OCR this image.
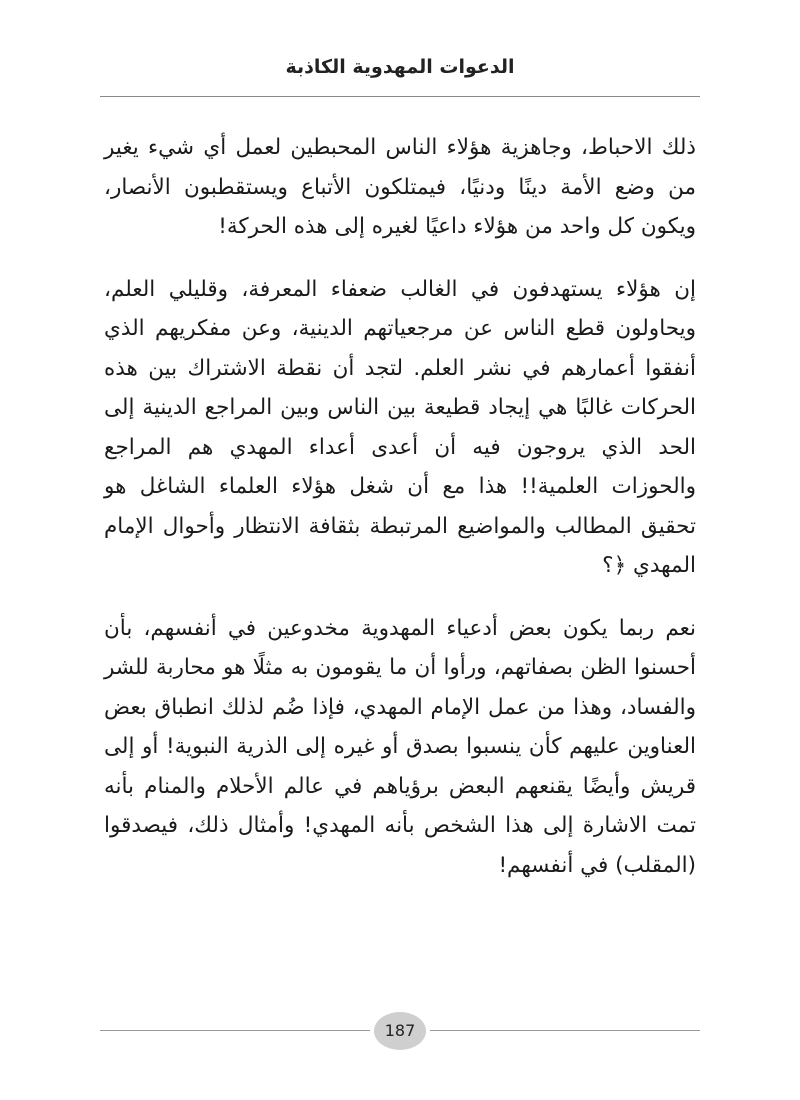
الدعوات المهدوية الكاذبة

ذلك الاحباط، وجاهزية هؤلاء الناس المحبطين لعمل أي شيء يغير من وضع الأمة دينًا ودنيًا، فيمتلكون الأتباع ويستقطبون الأنصار، ويكون كل واحد من هؤلاء داعيًا لغيره إلى هذه الحركة!

إن هؤلاء يستهدفون في الغالب ضعفاء المعرفة، وقليلي العلم، ويحاولون قطع الناس عن مرجعياتهم الدينية، وعن مفكريهم الذي أنفقوا أعمارهم في نشر العلم. لتجد أن نقطة الاشتراك بين هذه الحركات غالبًا هي إيجاد قطيعة بين الناس وبين المراجع الدينية إلى الحد الذي يروجون فيه أن أعدى أعداء المهدي هم المراجع والحوزات العلمية!! هذا مع أن شغل هؤلاء العلماء الشاغل هو تحقيق المطالب والمواضيع المرتبطة بثقافة الانتظار وأحوال الإمام المهدي ﴿؟

نعم ربما يكون بعض أدعياء المهدوية مخدوعين في أنفسهم، بأن أحسنوا الظن بصفاتهم، ورأوا أن ما يقومون به مثلًا هو محاربة للشر والفساد، وهذا من عمل الإمام المهدي، فإذا ضُم لذلك انطباق بعض العناوين عليهم كأن ينسبوا بصدق أو غيره إلى الذرية النبوية! أو إلى قريش وأيضًا يقنعهم البعض برؤياهم في عالم الأحلام والمنام بأنه تمت الاشارة إلى هذا الشخص بأنه المهدي! وأمثال ذلك، فيصدقوا (المقلب) في أنفسهم!

187
